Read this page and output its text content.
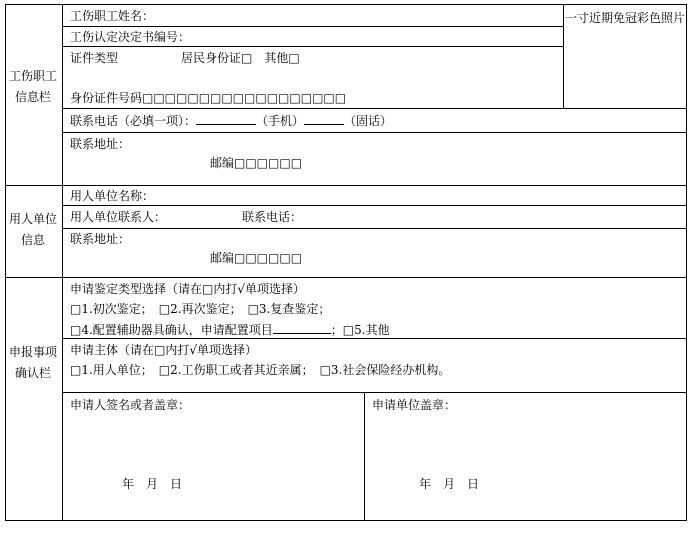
工伤职工信息栏
用人单位信息
申报事项确认栏
一寸近期免冠彩色照片
工伤职工姓名：
工伤认定决定书编号：
证件类型	居民身份证□　其他□
身份证件号码□□□□□□□□□□□□□□□□□□
联系电话（必填一项）：	（手机）	（固话）
联系地址：
邮编□□□□□□
用人单位名称：
用人单位联系人：	联系电话：
联系地址：
邮编□□□□□□
申请鉴定类型选择（请在□内打√单项选择）
□1.初次鉴定；　□2.再次鉴定；　□3.复查鉴定；
□4.配置辅助器具确认，申请配置项目	；□5.其他
申请主体（请在□内打√单项选择）
□1.用人单位；　□2.工伤职工或者其近亲属；　□3.社会保险经办机构。
申请人签名或者盖章：	申请单位盖章：
年　月　日	年　月　日
